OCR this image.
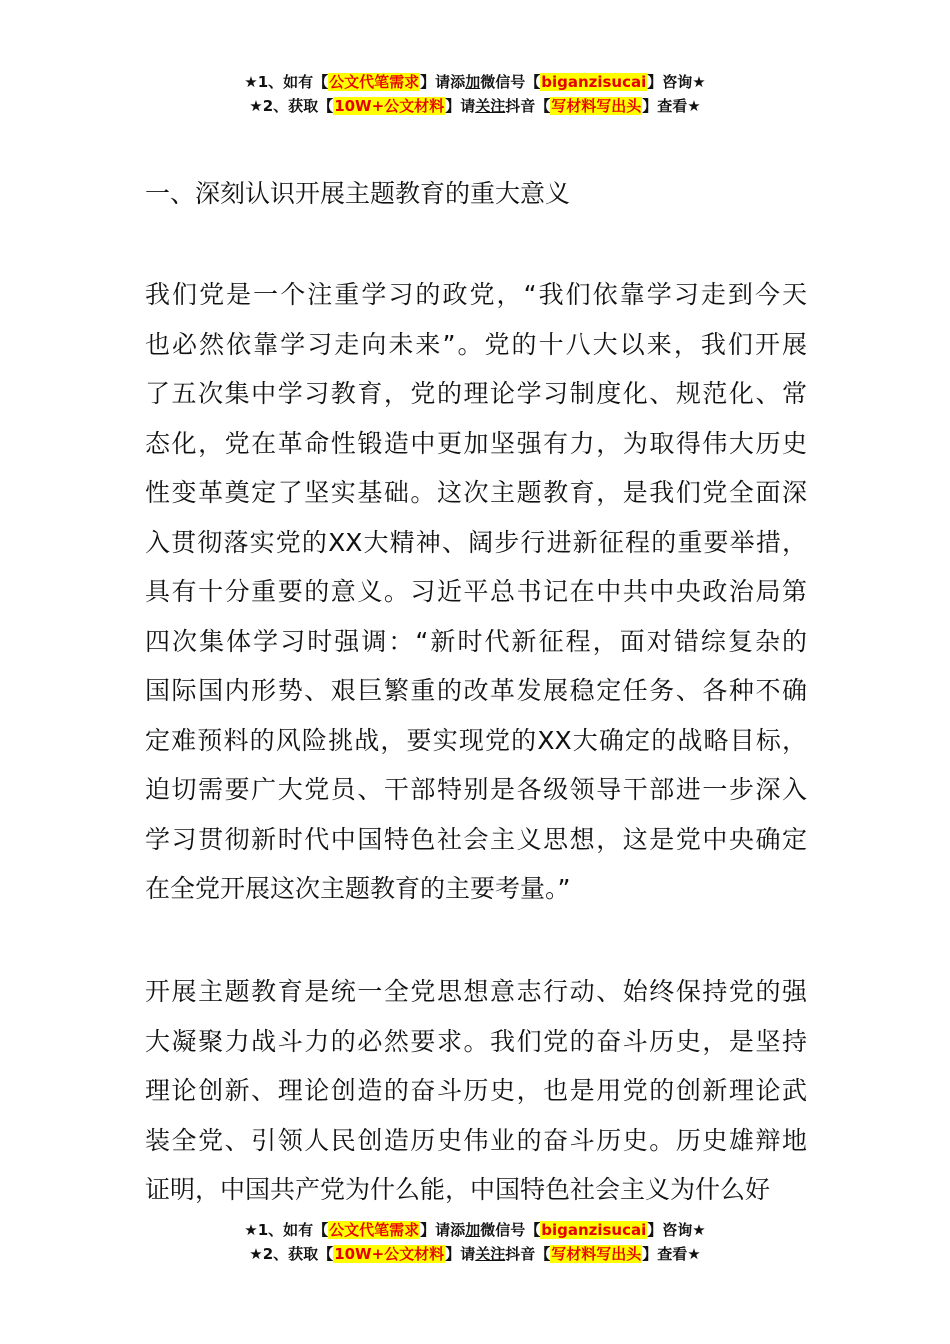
★1、如有【公文代笔需求】请添加微信号【biganzisucai】咨询★
★2、获取【10W+公文材料】请关注抖音【写材料写出头】查看★
一、深刻认识开展主题教育的重大意义
我们党是一个注重学习的政党，“我们依靠学习走到今天
也必然依靠学习走向未来”。党的十八大以来，我们开展
了五次集中学习教育，党的理论学习制度化、规范化、常
态化，党在革命性锻造中更加坚强有力，为取得伟大历史
性变革奠定了坚实基础。这次主题教育，是我们党全面深
入贯彻落实党的XX大精神、阔步行进新征程的重要举措，
具有十分重要的意义。习近平总书记在中共中央政治局第
四次集体学习时强调：“新时代新征程，面对错综复杂的
国际国内形势、艰巨繁重的改革发展稳定任务、各种不确
定难预料的风险挑战，要实现党的XX大确定的战略目标，
迫切需要广大党员、干部特别是各级领导干部进一步深入
学习贯彻新时代中国特色社会主义思想，这是党中央确定
在全党开展这次主题教育的主要考量。”
开展主题教育是统一全党思想意志行动、始终保持党的强
大凝聚力战斗力的必然要求。我们党的奋斗历史，是坚持
理论创新、理论创造的奋斗历史，也是用党的创新理论武
装全党、引领人民创造历史伟业的奋斗历史。历史雄辩地
证明，中国共产党为什么能，中国特色社会主义为什么好
★1、如有【公文代笔需求】请添加微信号【biganzisucai】咨询★
★2、获取【10W+公文材料】请关注抖音【写材料写出头】查看★
